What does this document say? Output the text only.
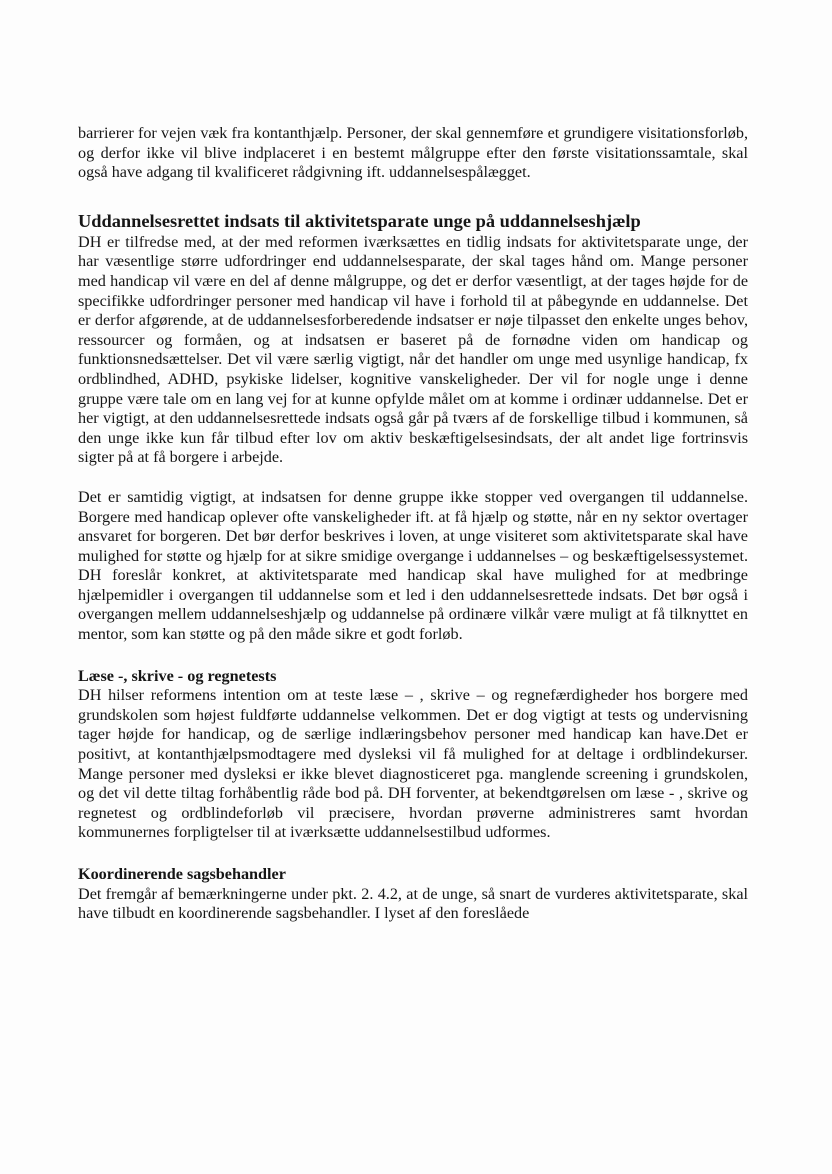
barrierer for vejen væk fra kontanthjælp. Personer, der skal gennemføre et grundigere visitationsforløb, og derfor ikke vil blive indplaceret i en bestemt målgruppe efter den første visitationssamtale, skal også have adgang til kvalificeret rådgivning ift. uddannelsespålægget.

Uddannelsesrettet indsats til aktivitetsparate unge på uddannelseshjælp

DH er tilfredse med, at der med reformen iværksættes en tidlig indsats for aktivitetsparate unge, der har væsentlige større udfordringer end uddannelsesparate, der skal tages hånd om. Mange personer med handicap vil være en del af denne målgruppe, og det er derfor væsentligt, at der tages højde for de specifikke udfordringer personer med handicap vil have i forhold til at påbegynde en uddannelse. Det er derfor afgørende, at de uddannelsesforberedende indsatser er nøje tilpasset den enkelte unges behov, ressourcer og formåen, og at indsatsen er baseret på de fornødne viden om handicap og funktionsnedsættelser. Det vil være særlig vigtigt, når det handler om unge med usynlige handicap, fx ordblindhed, ADHD, psykiske lidelser, kognitive vanskeligheder. Der vil for nogle unge i denne gruppe være tale om en lang vej for at kunne opfylde målet om at komme i ordinær uddannelse. Det er her vigtigt, at den uddannelsesrettede indsats også går på tværs af de forskellige tilbud i kommunen, så den unge ikke kun får tilbud efter lov om aktiv beskæftigelsesindsats, der alt andet lige fortrinsvis sigter på at få borgere i arbejde.

Det er samtidig vigtigt, at indsatsen for denne gruppe ikke stopper ved overgangen til uddannelse. Borgere med handicap oplever ofte vanskeligheder ift. at få hjælp og støtte, når en ny sektor overtager ansvaret for borgeren. Det bør derfor beskrives i loven, at unge visiteret som aktivitetsparate skal have mulighed for støtte og hjælp for at sikre smidige overgange i uddannelses – og beskæftigelsessystemet. DH foreslår konkret, at aktivitetsparate med handicap skal have mulighed for at medbringe hjælpemidler i overgangen til uddannelse som et led i den uddannelsesrettede indsats. Det bør også i overgangen mellem uddannelseshjælp og uddannelse på ordinære vilkår være muligt at få tilknyttet en mentor, som kan støtte og på den måde sikre et godt forløb.

Læse -, skrive - og regnetests

DH hilser reformens intention om at teste læse – , skrive – og regnefærdigheder hos borgere med grundskolen som højest fuldførte uddannelse velkommen. Det er dog vigtigt at tests og undervisning tager højde for handicap, og de særlige indlæringsbehov personer med handicap kan have.Det er positivt, at kontanthjælpsmodtagere med dysleksi vil få mulighed for at deltage i ordblindekurser. Mange personer med dysleksi er ikke blevet diagnosticeret pga. manglende screening i grundskolen, og det vil dette tiltag forhåbentlig råde bod på. DH forventer, at bekendtgørelsen om læse - , skrive og regnetest og ordblindeforløb vil præcisere, hvordan prøverne administreres samt hvordan kommunernes forpligtelser til at iværksætte uddannelsestilbud udformes.

Koordinerende sagsbehandler

Det fremgår af bemærkningerne under pkt. 2. 4.2, at de unge, så snart de vurderes aktivitetsparate, skal have tilbudt en koordinerende sagsbehandler. I lyset af den foreslåede
